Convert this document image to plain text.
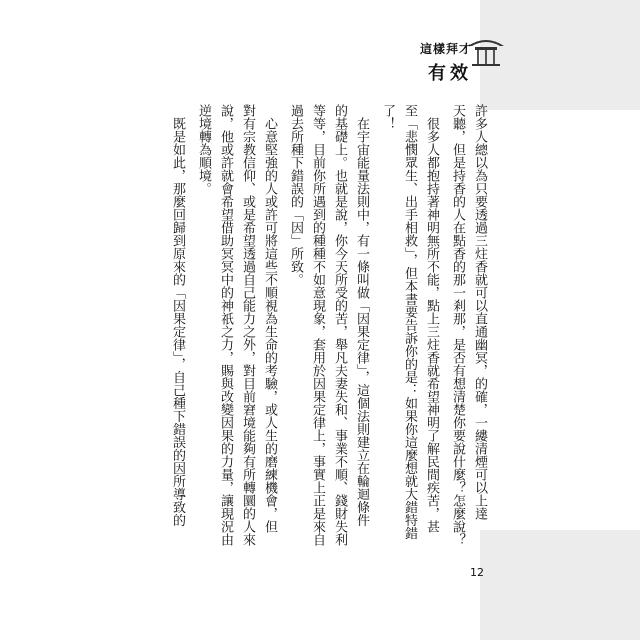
這樣拜才
有效
許多人總以為只要透過三炷香就可以直通幽冥，的確，一縷清煙可以上達
天聽，但是持香的人在點香的那一剎那，是否有想清楚你要說什麼？怎麼說？
很多人都抱持著神明無所不能，點上三炷香就希望神明了解民間疾苦，甚
至「悲憫眾生、出手相救」，但本書要告訴你的是：如果你這麼想就大錯特錯
了！
在宇宙能量法則中，有一條叫做「因果定律」，這個法則建立在輪迴條件
的基礎上。也就是說，你今天所受的苦，舉凡夫妻失和、事業不順、錢財失利
等等，目前你所遇到的種種不如意現象，套用於因果定律上，事實上正是來自
過去所種下錯誤的「因」所致。
心意堅強的人或許可將這些不順視為生命的考驗，或人生的磨練機會，但
對有宗教信仰、或是希望透過自己能力之外，對目前窘境能夠有所轉圜的人來
說，他或許就會希望借助冥冥中的神祇之力，賜與改變因果的力量，讓現況由
逆境轉為順境。
既是如此，那麼回歸到原來的「因果定律」，自己種下錯誤的因所導致的
12
